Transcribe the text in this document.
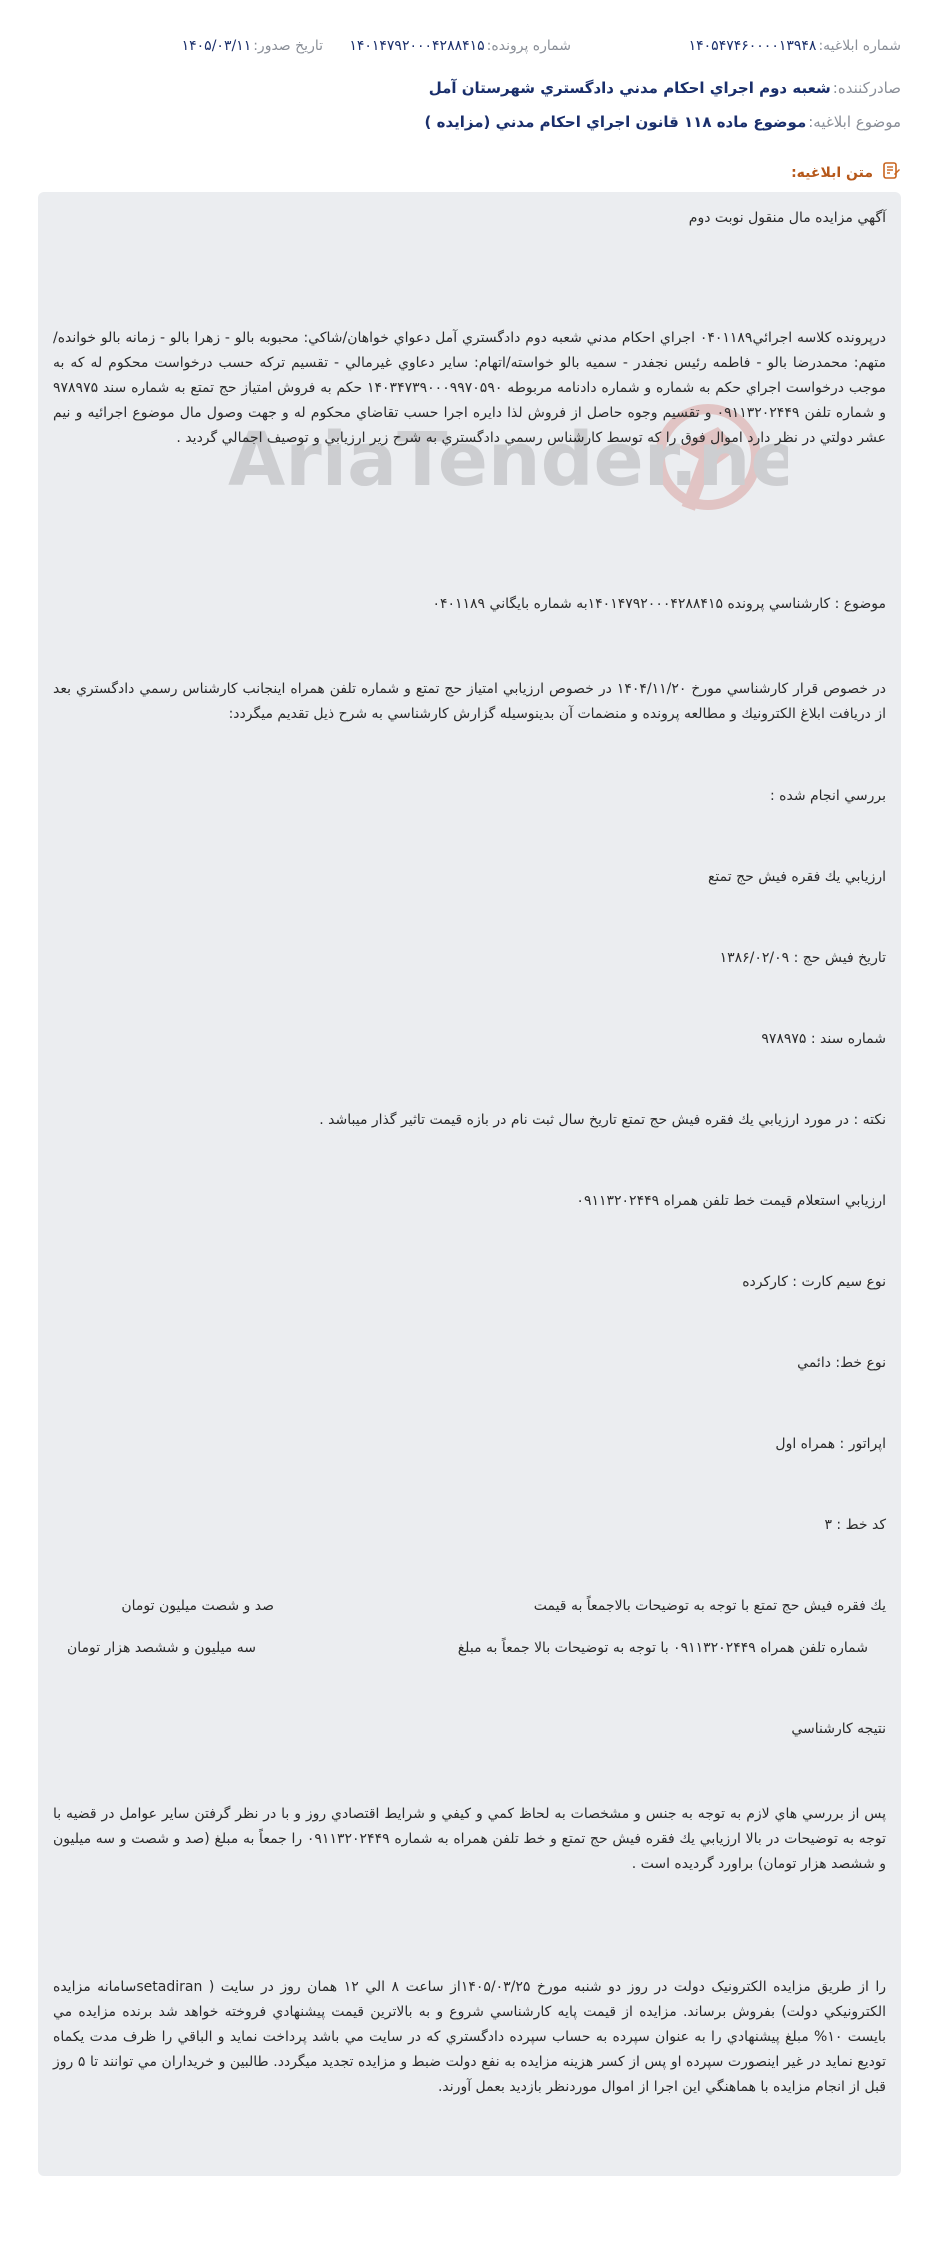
شماره ابلاغيه:
۱۴۰۵۴۷۴۶۰۰۰۰۱۳۹۴۸
شماره پرونده:
۱۴۰۱۴۷۹۲۰۰۰۴۲۸۸۴۱۵
تاريخ صدور:
۱۴۰۵/۰۳/۱۱
صادرکننده:
شعبه دوم اجراي احكام مدني دادگستري شهرستان آمل
موضوع ابلاغيه:
موضوع ماده ۱۱۸ قانون اجراي احكام مدني (مزايده )
متن ابلاغيه:
AriaTender.ne
آگهي مزايده مال منقول نوبت دوم
درپرونده كلاسه اجرائي۰۴۰۱۱۸۹ اجراي احكام مدني شعبه دوم دادگستري آمل دعواي خواهان/شاكي: محبوبه بالو - زهرا بالو - زمانه بالو خوانده/متهم: محمدرضا بالو - فاطمه رئيس نجفدر - سميه بالو خواسته/اتهام: ساير دعاوي غيرمالي - تقسيم تركه حسب درخواست محكوم له كه به موجب درخواست اجراي حكم به شماره و شماره دادنامه مربوطه ۱۴۰۳۴۷۳۹۰۰۰۹۹۷۰۵۹۰ حكم به فروش امتياز حج تمتع به شماره سند ۹۷۸۹۷۵ و شماره تلفن ۰۹۱۱۳۲۰۲۴۴۹ و تقسيم وجوه حاصل از فروش لذا دايره اجرا حسب تقاضاي محكوم له و جهت وصول مال موضوع اجرائيه و نيم عشر دولتي در نظر دارد اموال فوق را كه توسط كارشناس رسمي دادگستري به شرح زير ارزيابي و توصيف اجمالي گرديد .
موضوع : كارشناسي پرونده ۱۴۰۱۴۷۹۲۰۰۰۴۲۸۸۴۱۵به شماره بايگاني ۰۴۰۱۱۸۹
در خصوص قرار كارشناسي مورخ ۱۴۰۴/۱۱/۲۰ در خصوص ارزيابي امتياز حج تمتع و شماره تلفن همراه اينجانب كارشناس رسمي دادگستري بعد از دريافت ابلاغ الكترونيك و مطالعه پرونده و منضمات آن بدينوسيله گزارش كارشناسي به شرح ذيل تقديم ميگردد:
بررسي انجام شده :
ارزيابي يك فقره فيش حج تمتع
تاريخ فيش حج : ۱۳۸۶/۰۲/۰۹
شماره سند : ۹۷۸۹۷۵
نكته : در مورد ارزيابي يك فقره فيش حج تمتع تاريخ سال ثبت نام در بازه قيمت تاثير گذار ميباشد .
ارزيابي استعلام قيمت خط تلفن همراه ۰۹۱۱۳۲۰۲۴۴۹
نوع سيم كارت : كاركرده
نوع خط: دائمي
اپراتور : همراه اول
كد خط : ۳
يك فقره فيش حج تمتع با توجه به توضيحات بالاجمعاً به قيمت
صد و شصت ميليون تومان
شماره تلفن همراه ۰۹۱۱۳۲۰۲۴۴۹ با توجه به توضيحات بالا جمعاً به مبلغ
سه ميليون و ششصد هزار تومان
نتيجه كارشناسي
پس از بررسي هاي لازم به توجه به جنس و مشخصات به لحاظ كمي و كيفي و شرايط اقتصادي روز و با در نظر گرفتن ساير عوامل در قضيه با توجه به توضيحات در بالا ارزيابي يك فقره فيش حج تمتع و خط تلفن همراه به شماره ۰۹۱۱۳۲۰۲۴۴۹ را جمعاً به مبلغ (صد و شصت و سه ميليون و ششصد هزار تومان) براورد گرديده است .
را از طريق مزايده الكترونيک دولت در روز دو شنبه مورخ ۱۴۰۵/۰۳/۲۵از ساعت ۸ الي ۱۲ همان روز در سايت ( setadiranسامانه مزايده الكترونيكي دولت) بفروش برساند. مزايده از قيمت پايه كارشناسي شروع و به بالاترين قيمت پيشنهادي فروخته خواهد شد برنده مزايده مي بايست ۱۰% مبلغ پيشنهادي را به عنوان سپرده به حساب سپرده دادگستري كه در سايت مي باشد پرداخت نمايد و الباقي را ظرف مدت يكماه توديع نمايد در غير اينصورت سپرده او پس از كسر هزينه مزايده به نفع دولت ضبط و مزايده تجديد ميگردد. طالبين و خريداران مي توانند تا ۵ روز قبل از انجام مزايده با هماهنگي اين اجرا از اموال موردنظر بازديد بعمل آورند.
